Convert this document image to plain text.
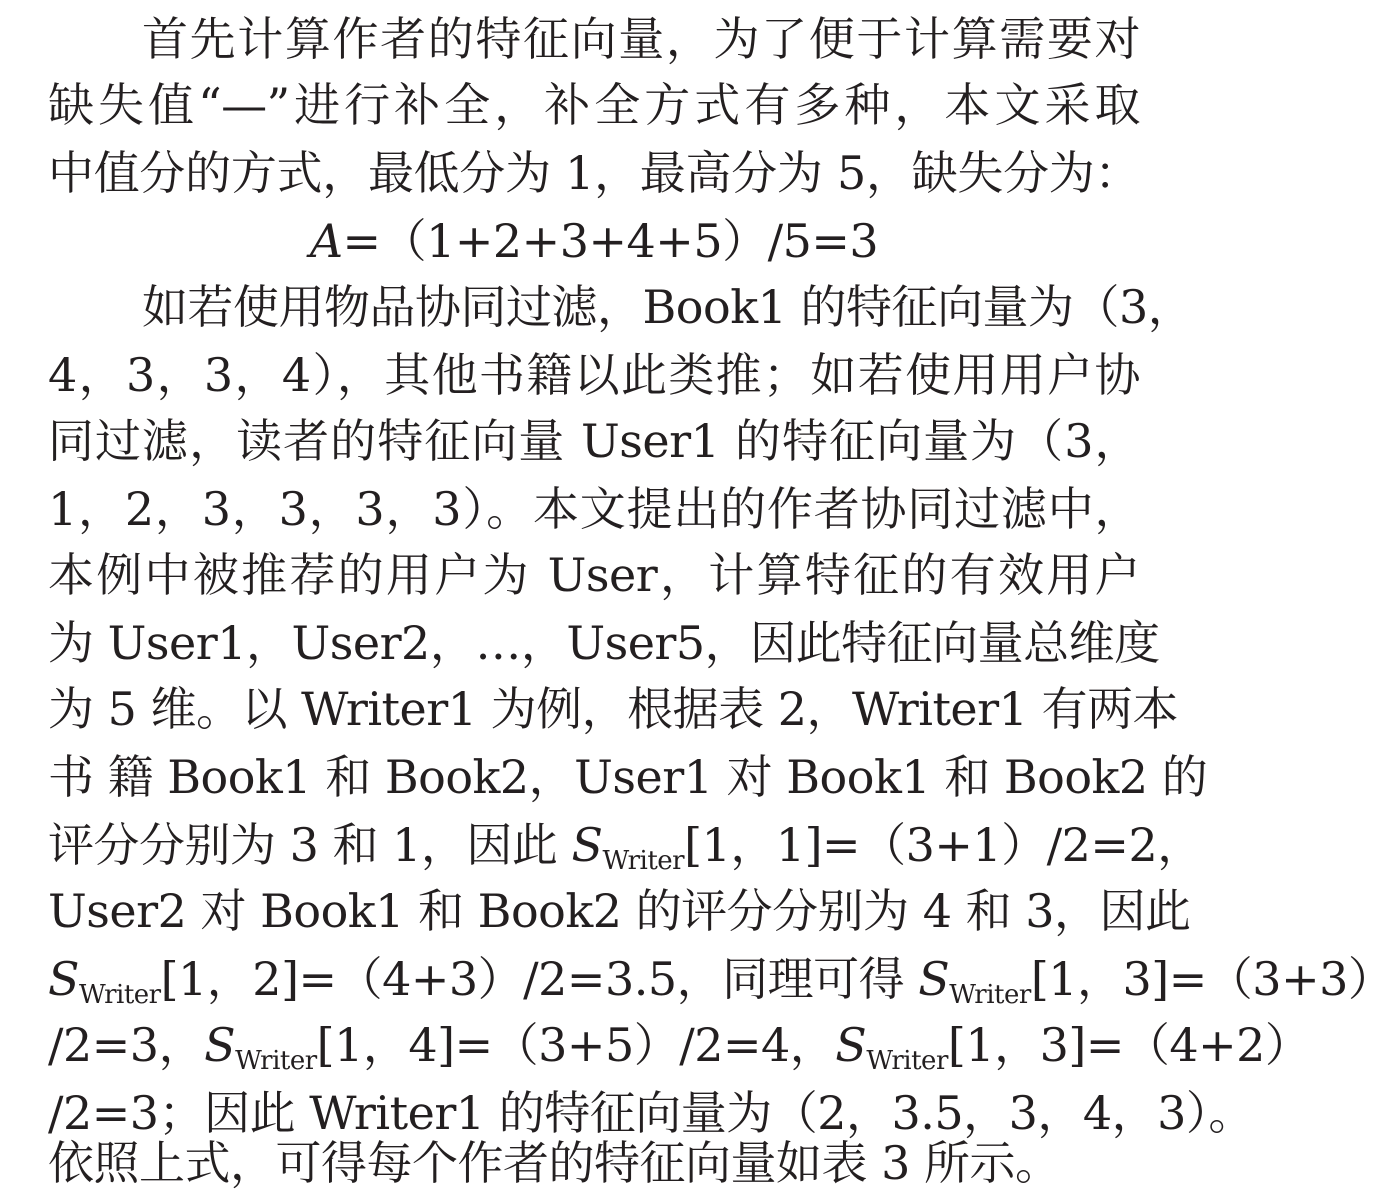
首先计算作者的特征向量，为了便于计算需要对
缺失值“—”进行补全，补全方式有多种，本文采取
中值分的方式，最低分为 1，最高分为 5，缺失分为：
A=（1+2+3+4+5）/5=3
如若使用物品协同过滤，Book1 的特征向量为（3，
4，3，3，4），其他书籍以此类推；如若使用用户协
同过滤，读者的特征向量 User1 的特征向量为（3，
1，2，3，3，3，3）。本文提出的作者协同过滤中，
本例中被推荐的用户为 User，计算特征的有效用户
为 User1，User2，…，User5，因此特征向量总维度
为 5 维。以 Writer1 为例，根据表 2，Writer1 有两本
书 籍 Book1 和 Book2，User1 对 Book1 和 Book2 的
评分分别为 3 和 1，因此 $S_{Writer}[1$，1]=（3+1）/2=2，
User2 对 Book1 和 Book2 的评分分别为 4 和 3，因此
$S_{Writer}[1$，2]=（4+3）/2=3.5，同理可得 $S_{Writer}[1$，3]=（3+3）
/2=3，$S_{Writer}[1$，4]=（3+5）/2=4，$S_{Writer}[1$，3]=（4+2）
/2=3；因此 Writer1 的特征向量为（2，3.5，3，4，3）。
依照上式，可得每个作者的特征向量如表 3 所示。
